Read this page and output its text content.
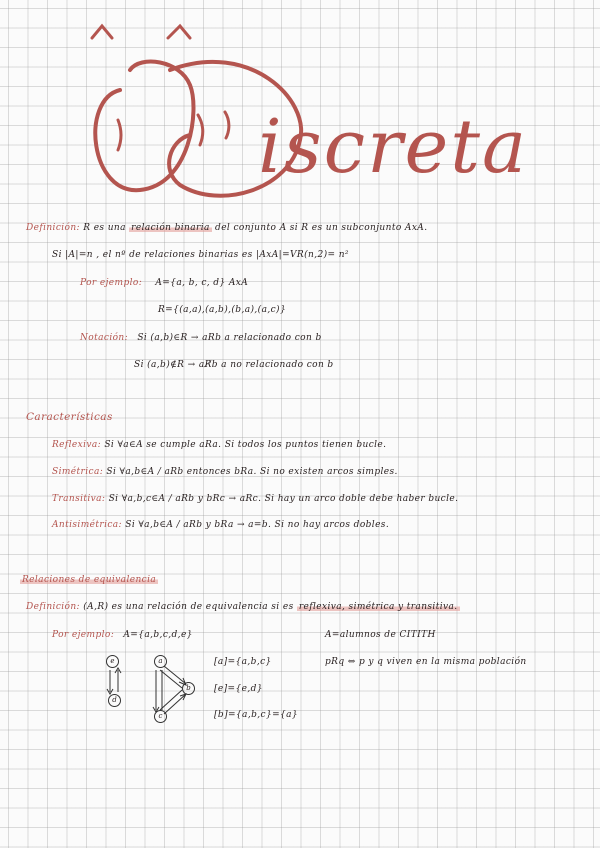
iscreta
Definición: R es una relación binaria del conjunto A si R es un subconjunto AxA.
Si |A|=n , el nº de relaciones binarias es |AxA|=VR(n,2)= n²
Por ejemplo: A={a, b, c, d} AxA
R={(a,a),(a,b),(b,a),(a,c)}
Notación: Si (a,b)∈R → aRb a relacionado con b
Si (a,b)∉R → aR̸b a no relacionado con b
Características
Reflexiva: Si ∀a∈A se cumple aRa. Si todos los puntos tienen bucle.
Simétrica: Si ∀a,b∈A / aRb entonces bRa. Si no existen arcos simples.
Transitiva: Si ∀a,b,c∈A / aRb y bRc → aRc. Si hay un arco doble debe haber bucle.
Antisimétrica: Si ∀a,b∈A / aRb y bRa → a=b. Si no hay arcos dobles.
Relaciones de equivalencia
Definición: (A,R) es una relación de equivalencia si es reflexiva, simétrica y transitiva.
Por ejemplo: A={a,b,c,d,e}	A=alumnos de CITITH
pRq ⇔ p y q viven en la misma población
[a]={a,b,c}
[e]={e,d}
[b]={a,b,c}={a}
e
d
a
b
c
